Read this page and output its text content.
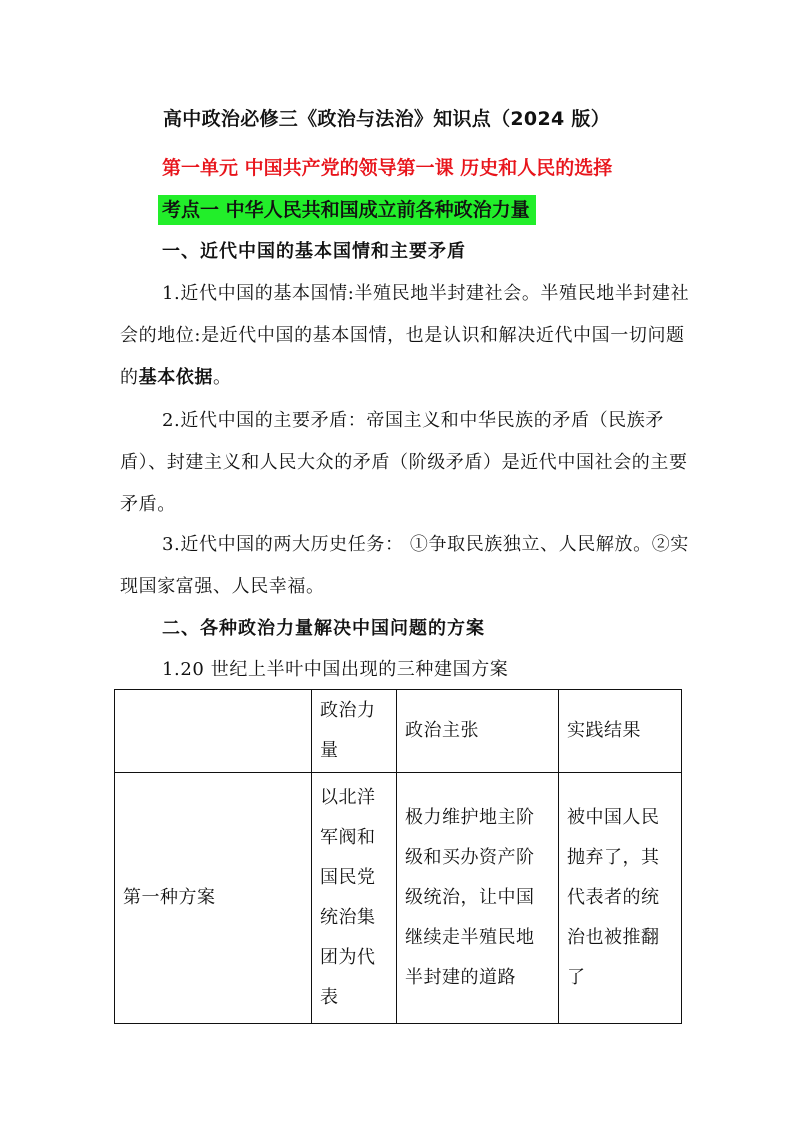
高中政治必修三《政治与法治》知识点（2024 版）
第一单元 中国共产党的领导第一课 历史和人民的选择
考点一 中华人民共和国成立前各种政治力量
一、近代中国的基本国情和主要矛盾

1.近代中国的基本国情:半殖民地半封建社会。半殖民地半封建社会的地位:是近代中国的基本国情，也是认识和解决近代中国一切问题的基本依据。

2.近代中国的主要矛盾：帝国主义和中华民族的矛盾（民族矛盾）、封建主义和人民大众的矛盾（阶级矛盾）是近代中国社会的主要矛盾。

3.近代中国的两大历史任务： ①争取民族独立、人民解放。②实现国家富强、人民幸福。

二、各种政治力量解决中国问题的方案
1.20 世纪上半叶中国出现的三种建国方案
	政治力量	政治主张	实践结果
第一种方案	以北洋军阀和国民党统治集团为代表	极力维护地主阶级和买办资产阶级统治，让中国继续走半殖民地半封建的道路	被中国人民抛弃了，其代表者的统治也被推翻了
